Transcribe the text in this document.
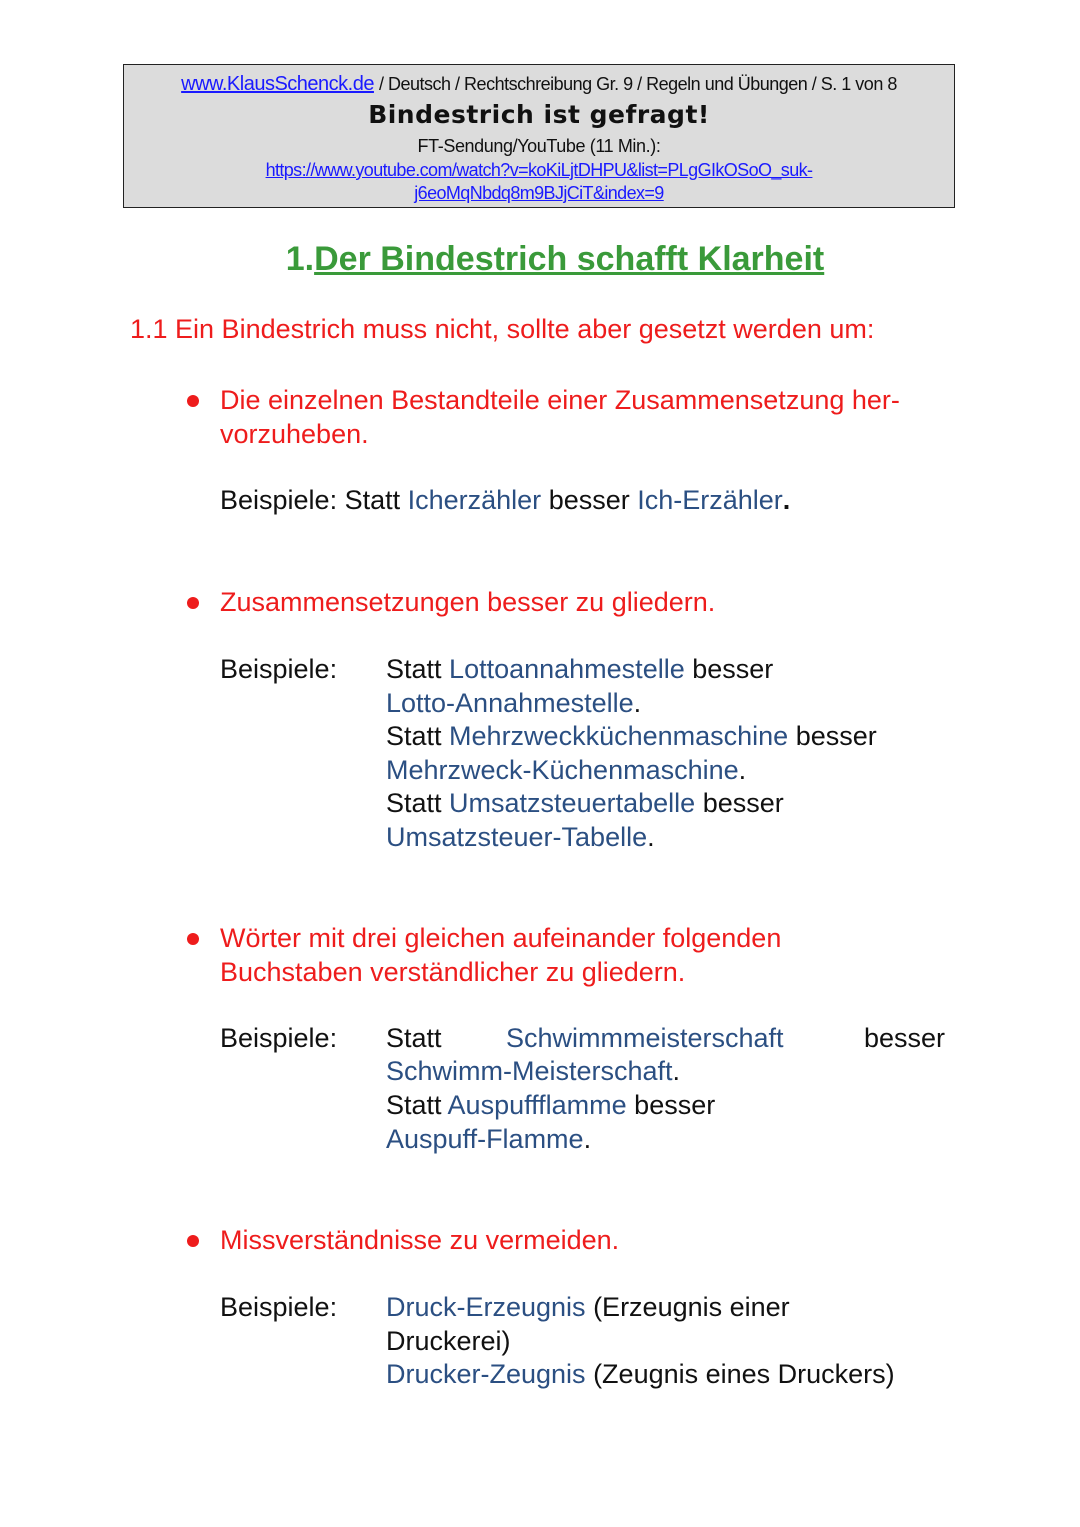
www.KlausSchenck.de / Deutsch / Rechtschreibung Gr. 9 / Regeln und Übungen / S. 1 von 8
Bindestrich ist gefragt!
FT-Sendung/YouTube (11 Min.):
https://www.youtube.com/watch?v=koKiLjtDHPU&list=PLgGIkOSoO_suk-
j6eoMqNbdq8m9BJjCiT&index=9
1.Der Bindestrich schafft Klarheit
1.1 Ein Bindestrich muss nicht, sollte aber gesetzt werden um:
Die einzelnen Bestandteile einer Zusammensetzung her-
vorzuheben.
Beispiele: Statt Icherzähler besser Ich-Erzähler.
Zusammensetzungen besser zu gliedern.
Beispiele: Statt Lottoannahmestelle besser
Lotto-Annahmestelle.
Statt Mehrzweckküchenmaschine besser
Mehrzweck-Küchenmaschine.
Statt Umsatzsteuertabelle besser
Umsatzsteuer-Tabelle.
Wörter mit drei gleichen aufeinander folgenden
Buchstaben verständlicher zu gliedern.
Beispiele: Statt Schwimmmeisterschaft	besser
Schwimm-Meisterschaft.
Statt Auspuffflamme besser
Auspuff-Flamme.
Missverständnisse zu vermeiden.
Beispiele: Druck-Erzeugnis (Erzeugnis einer
Druckerei)
Drucker-Zeugnis (Zeugnis eines Druckers)
